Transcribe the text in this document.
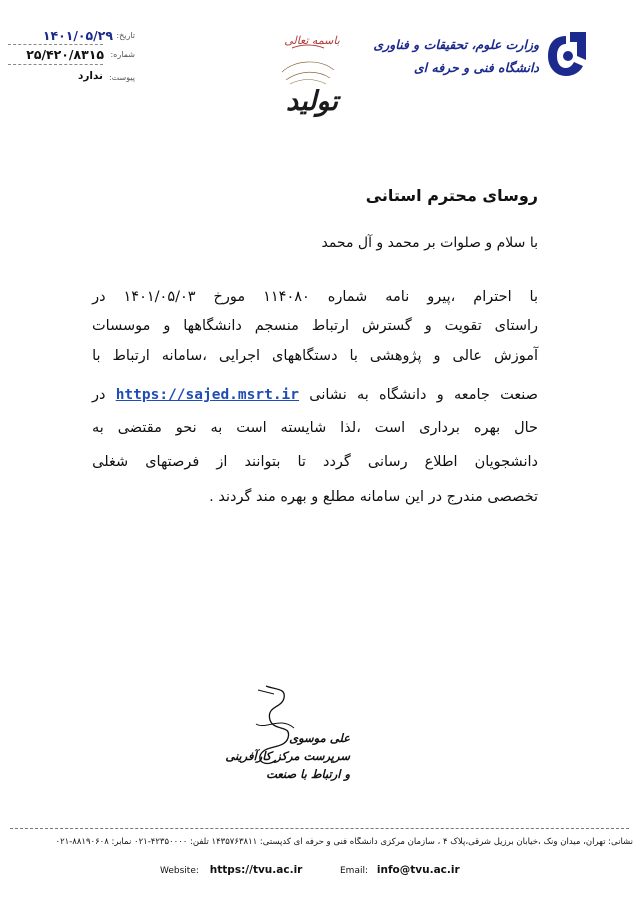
وزارت علوم، تحقیقات و فناوری
دانشگاه فنی و حرفه ای
باسمه تعالی
تولید
تاریخ:
۱۴۰۱/۰۵/۲۹
شماره:
۲۵/۴۲۰/۸۳۱۵
پیوست:
ندارد
روسای محترم استانی
با سلام و صلوات بر محمد و آل محمد
با
احترام
،پیرو
نامه
شماره
۱۱۴۰۸۰
مورخ
۱۴۰۱/۰۵/۰۳
در
راستای
تقویت
و
گسترش
ارتباط
منسجم
دانشگاهها
و
موسسات
آموزش
عالی
و
پژوهشی
با
دستگاههای
اجرایی
،سامانه
ارتباط
با
صنعت
جامعه
و
دانشگاه
به
نشانی
https://sajed.msrt.ir
در
حال
بهره
برداری
است
،لذا
شایسته
است
به
نحو
مقتضی
به
دانشجویان
اطلاع
رسانی
گردد
تا
بتوانند
از
فرصتهای
شغلی
تخصصی مندرج در این سامانه مطلع و بهره مند گردند .
علی موسوی
سرپرست مرکز کارآفرینی
و ارتباط با صنعت
نشانی: تهران، میدان ونک ،خیابان برزیل شرقی،پلاک ۴ ، سازمان مرکزی دانشگاه فنی و حرفه ای کدپستی: ۱۴۳۵۷۶۳۸۱۱ تلفن: ۴۲۳۵۰۰۰۰-۰۲۱ نمابر: ۸۸۱۹۰۶۰۸-۰۲۱
Website: https://tvu.ac.ir	Email: info@tvu.ac.ir
